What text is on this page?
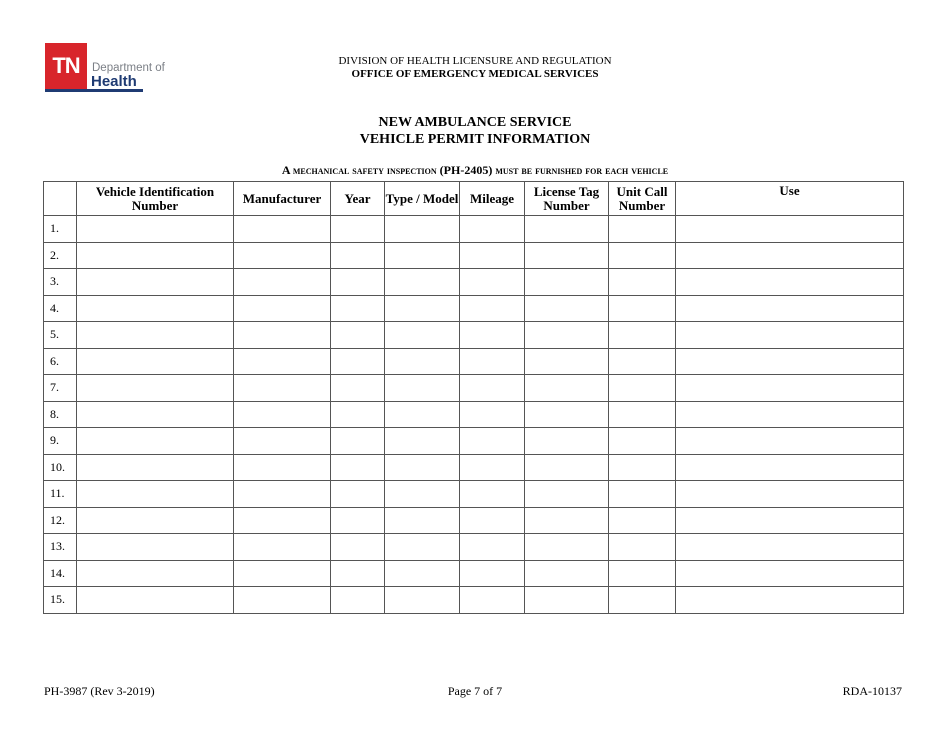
TN	Department of
Health
DIVISION OF HEALTH LICENSURE AND REGULATION
OFFICE OF EMERGENCY MEDICAL SERVICES
NEW AMBULANCE SERVICE
VEHICLE PERMIT INFORMATION
A mechanical safety inspection (PH-2405) must be furnished for each vehicle
	Vehicle Identification Number	Manufacturer	Year	Type / Model	Mileage	License Tag Number	Unit Call Number	Use
1.								
2.								
3.								
4.								
5.								
6.								
7.								
8.								
9.								
10.								
11.								
12.								
13.								
14.								
15.								
PH-3987 (Rev 3-2019)	Page 7 of 7	RDA-10137
